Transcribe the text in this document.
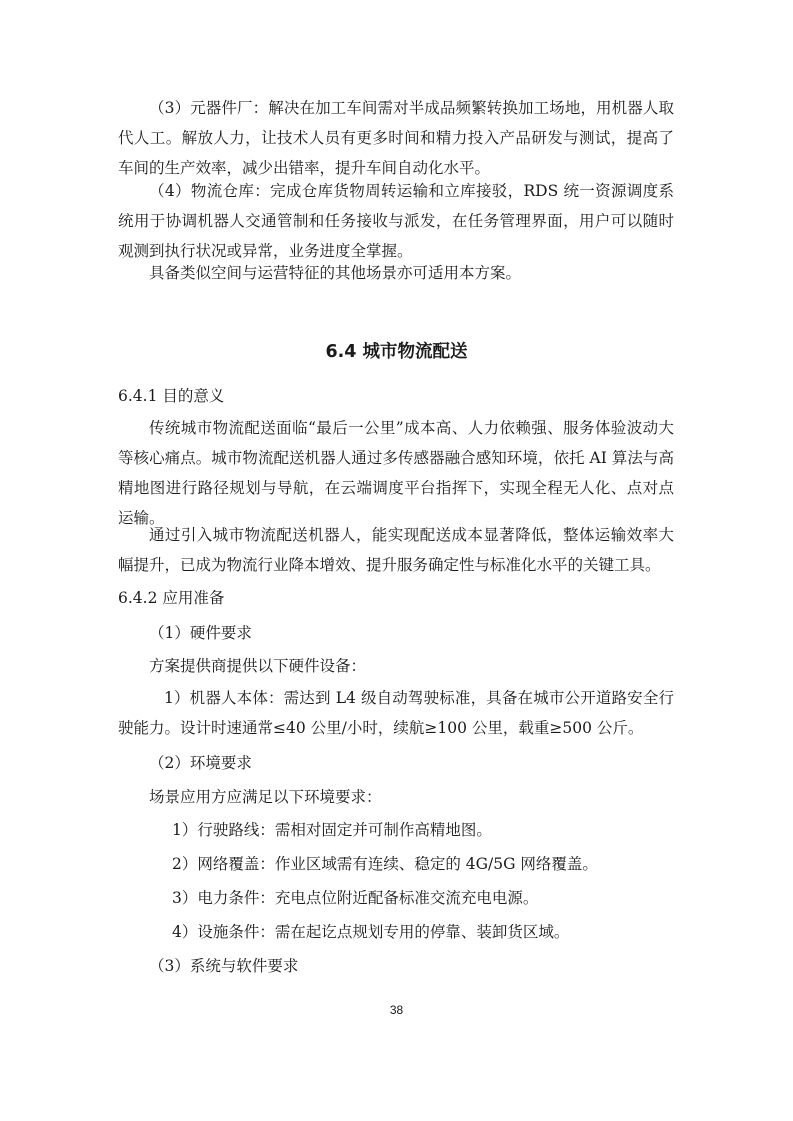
（3）元器件厂：解决在加工车间需对半成品频繁转换加工场地，用机器人取代人工。解放人力，让技术人员有更多时间和精力投入产品研发与测试，提高了车间的生产效率，减少出错率，提升车间自动化水平。
（4）物流仓库：完成仓库货物周转运输和立库接驳，RDS 统一资源调度系统用于协调机器人交通管制和任务接收与派发，在任务管理界面，用户可以随时观测到执行状况或异常，业务进度全掌握。
具备类似空间与运营特征的其他场景亦可适用本方案。
6.4 城市物流配送
6.4.1 目的意义
传统城市物流配送面临“最后一公里”成本高、人力依赖强、服务体验波动大等核心痛点。城市物流配送机器人通过多传感器融合感知环境，依托 AI 算法与高精地图进行路径规划与导航，在云端调度平台指挥下，实现全程无人化、点对点运输。
通过引入城市物流配送机器人，能实现配送成本显著降低，整体运输效率大幅提升，已成为物流行业降本增效、提升服务确定性与标准化水平的关键工具。
6.4.2 应用准备
（1）硬件要求
方案提供商提供以下硬件设备：
1）机器人本体：需达到 L4 级自动驾驶标准，具备在城市公开道路安全行驶能力。设计时速通常≤40 公里/小时，续航≥100 公里，载重≥500 公斤。
（2）环境要求
场景应用方应满足以下环境要求：
1）行驶路线：需相对固定并可制作高精地图。
2）网络覆盖：作业区域需有连续、稳定的 4G/5G 网络覆盖。
3）电力条件：充电点位附近配备标准交流充电电源。
4）设施条件：需在起讫点规划专用的停靠、装卸货区域。
（3）系统与软件要求
38
